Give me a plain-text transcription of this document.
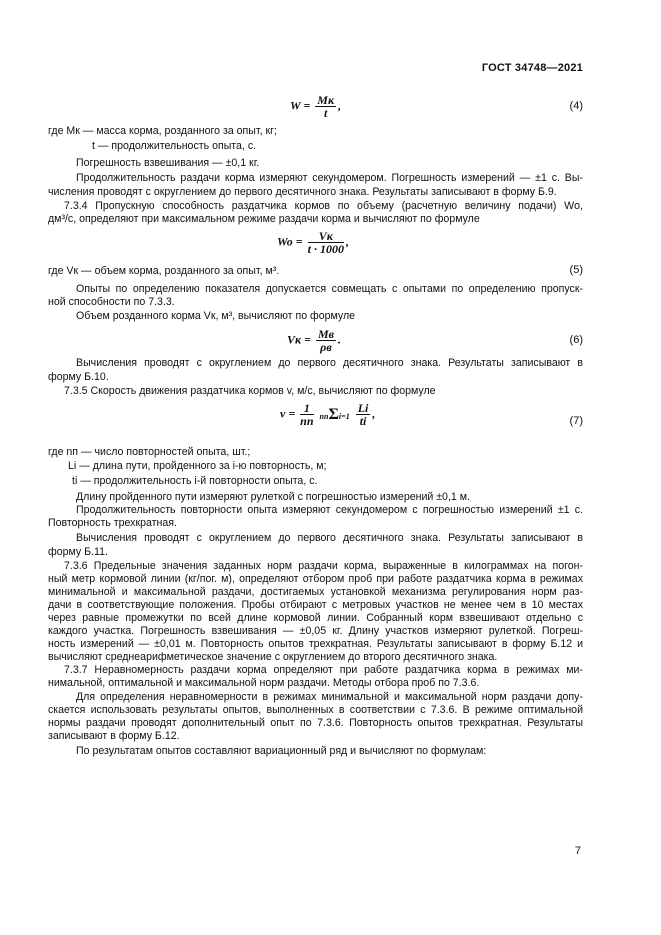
ГОСТ 34748—2021
$W = \frac{Mк}{t}$ ,	(4)
где Mк — масса корма, розданного за опыт, кг;
t — продолжительность опыта, с.
Погрешность взвешивания — ±0,1 кг.
Продолжительность раздачи корма измеряют секундомером. Погрешность измерений — ±1 с. Вы-
числения проводят с округлением до первого десятичного знака. Результаты записывают в форму Б.9.
7.3.4 Пропускную способность раздатчика кормов по объему (расчетную величину подачи) Wо,
дм³/с, определяют при максимальном режиме раздачи корма и вычисляют по формуле
$Wo = \frac{Vк}{t \cdot 1000}$ ,
(5)
где Vк — объем корма, розданного за опыт, м³.
Опыты по определению показателя допускается совмещать с опытами по определению пропуск-
ной способности по 7.3.3.
Объем розданного корма Vк, м³, вычисляют по формуле
Vк = $\frac{Mв}{\rho в}$ .	(6)
Вычисления проводят с округлением до первого десятичного знака. Результаты записывают в
форму Б.10.
7.3.5 Скорость движения раздатчика кормов v, м/с, вычисляют по формуле
$v = \frac{1}{nп} nп\Sigma i=1 \frac{Li}{ti}$ ,
(7)
где nп — число повторностей опыта, шт.;
Li — длина пути, пройденного за i-ю повторность, м;
ti — продолжительность i-й повторности опыта, с.
Длину пройденного пути измеряют рулеткой с погрешностью измерений ±0,1 м.
Продолжительность повторности опыта измеряют секундомером с погрешностью измерений ±1 с.
Повторность трехкратная.
Вычисления проводят с округлением до первого десятичного знака. Результаты записывают в
форму Б.11.
7.3.6 Предельные значения заданных норм раздачи корма, выраженные в килограммах на погон-
ный метр кормовой линии (кг/пог. м), определяют отбором проб при работе раздатчика корма в режимах
минимальной и максимальной раздачи, достигаемых установкой механизма регулирования норм раз-
дачи в соответствующие положения. Пробы отбирают с метровых участков не менее чем в 10 местах
через равные промежутки по всей длине кормовой линии. Собранный корм взвешивают отдельно с
каждого участка. Погрешность взвешивания — ±0,05 кг. Длину участков измеряют рулеткой. Погреш-
ность измерений — ±0,01 м. Повторность опытов трехкратная. Результаты записывают в форму Б.12 и
вычисляют среднеарифметическое значение с округлением до второго десятичного знака.
7.3.7 Неравномерность раздачи корма определяют при работе раздатчика корма в режимах ми-
нимальной, оптимальной и максимальной норм раздачи. Методы отбора проб по 7.3.6.
Для определения неравномерности в режимах минимальной и максимальной норм раздачи допу-
скается использовать результаты опытов, выполненных в соответствии с 7.3.6. В режиме оптимальной
нормы раздачи проводят дополнительный опыт по 7.3.6. Повторность опытов трехкратная. Результаты
записывают в форму Б.12.
По результатам опытов составляют вариационный ряд и вычисляют по формулам:
7
